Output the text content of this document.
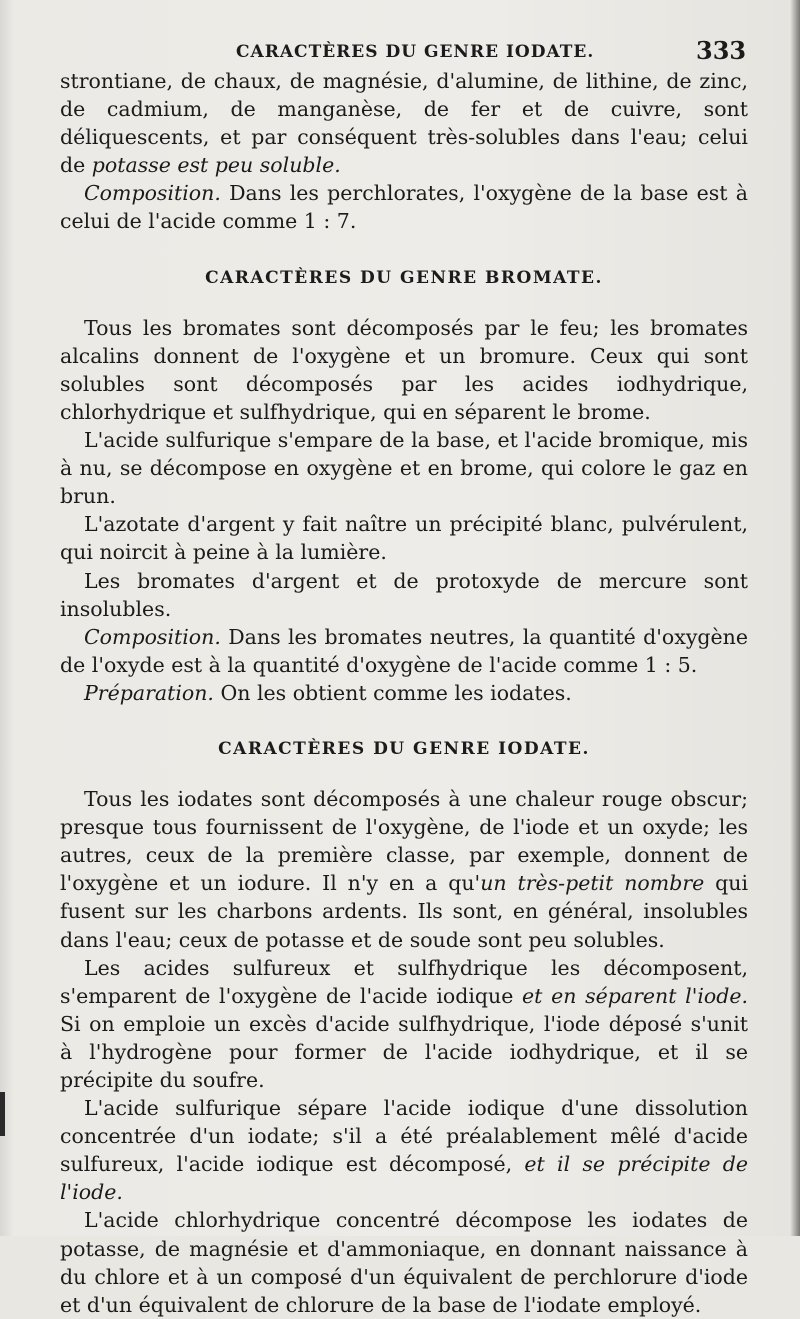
CARACTÈRES DU GENRE IODATE.	333

strontiane, de chaux, de magnésie, d'alumine, de lithine, de zinc, de cadmium, de manganèse, de fer et de cuivre, sont déliquescents, et par conséquent très-solubles dans l'eau; celui de potasse est peu soluble.

Composition. Dans les perchlorates, l'oxygène de la base est à celui de l'acide comme 1 : 7.

CARACTÈRES DU GENRE BROMATE.

Tous les bromates sont décomposés par le feu; les bromates alcalins donnent de l'oxygène et un bromure. Ceux qui sont solubles sont décomposés par les acides iodhydrique, chlorhydrique et sulfhydrique, qui en séparent le brome.

L'acide sulfurique s'empare de la base, et l'acide bromique, mis à nu, se décompose en oxygène et en brome, qui colore le gaz en brun.

L'azotate d'argent y fait naître un précipité blanc, pulvérulent, qui noircit à peine à la lumière.

Les bromates d'argent et de protoxyde de mercure sont insolubles.

Composition. Dans les bromates neutres, la quantité d'oxygène de l'oxyde est à la quantité d'oxygène de l'acide comme 1 : 5.

Préparation. On les obtient comme les iodates.

CARACTÈRES DU GENRE IODATE.

Tous les iodates sont décomposés à une chaleur rouge obscur; presque tous fournissent de l'oxygène, de l'iode et un oxyde; les autres, ceux de la première classe, par exemple, donnent de l'oxygène et un iodure. Il n'y en a qu'un très-petit nombre qui fusent sur les charbons ardents. Ils sont, en général, insolubles dans l'eau; ceux de potasse et de soude sont peu solubles.

Les acides sulfureux et sulfhydrique les décomposent, s'emparent de l'oxygène de l'acide iodique et en séparent l'iode. Si on emploie un excès d'acide sulfhydrique, l'iode déposé s'unit à l'hydrogène pour former de l'acide iodhydrique, et il se précipite du soufre.

L'acide sulfurique sépare l'acide iodique d'une dissolution concentrée d'un iodate; s'il a été préalablement mêlé d'acide sulfureux, l'acide iodique est décomposé, et il se précipite de l'iode.

L'acide chlorhydrique concentré décompose les iodates de potasse, de magnésie et d'ammoniaque, en donnant naissance à du chlore et à un composé d'un équivalent de perchlorure d'iode et d'un équivalent de chlorure de la base de l'iodate employé.
